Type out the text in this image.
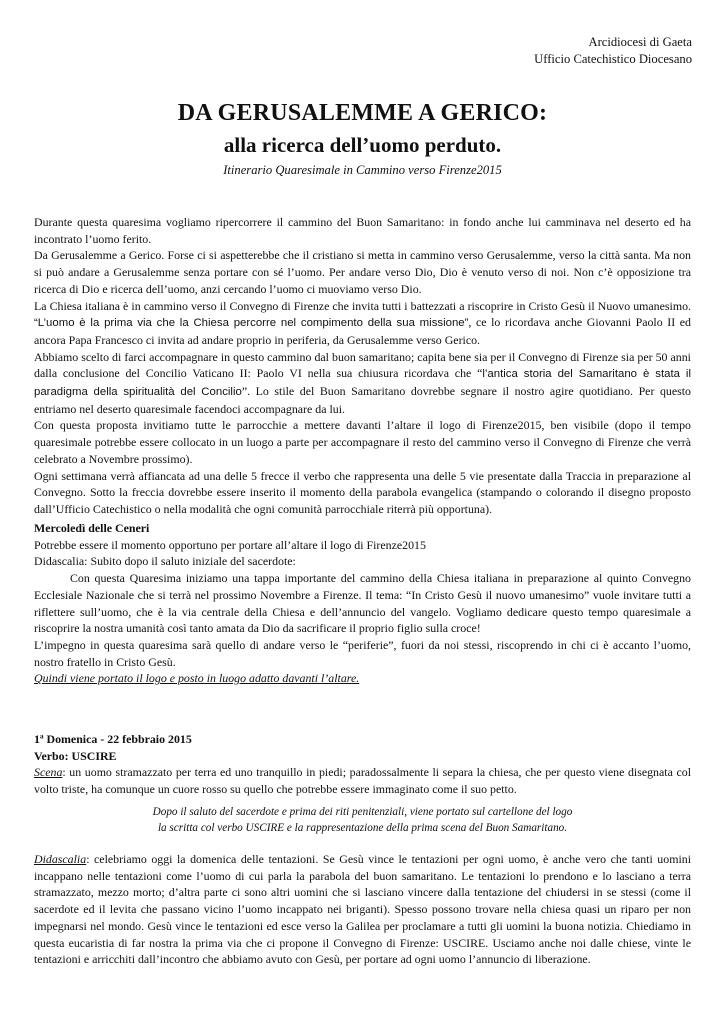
Arcidiocesi di Gaeta
Ufficio Catechistico Diocesano
DA GERUSALEMME A GERICO:
alla ricerca dell’uomo perduto.
Itinerario Quaresimale in Cammino verso Firenze2015

Durante questa quaresima vogliamo ripercorrere il cammino del Buon Samaritano: in fondo anche lui camminava nel deserto ed ha incontrato l’uomo ferito.

Da Gerusalemme a Gerico. Forse ci si aspetterebbe che il cristiano si metta in cammino verso Gerusalemme, verso la città santa. Ma non si può andare a Gerusalemme senza portare con sé l’uomo. Per andare verso Dio, Dio è venuto verso di noi. Non c’è opposizione tra ricerca di Dio e ricerca dell’uomo, anzi cercando l’uomo ci muoviamo verso Dio.

La Chiesa italiana è in cammino verso il Convegno di Firenze che invita tutti i battezzati a riscoprire in Cristo Gesù il Nuovo umanesimo. “L’uomo è la prima via che la Chiesa percorre nel compimento della sua missione”, ce lo ricordava anche Giovanni Paolo II ed ancora Papa Francesco ci invita ad andare proprio in periferia, da Gerusalemme verso Gerico.

Abbiamo scelto di farci accompagnare in questo cammino dal buon samaritano; capita bene sia per il Convegno di Firenze sia per 50 anni dalla conclusione del Concilio Vaticano II: Paolo VI nella sua chiusura ricordava che “l’antica storia del Samaritano è stata il paradigma della spiritualità del Concilio”. Lo stile del Buon Samaritano dovrebbe segnare il nostro agire quotidiano. Per questo entriamo nel deserto quaresimale facendoci accompagnare da lui.

Con questa proposta invitiamo tutte le parrocchie a mettere davanti l’altare il logo di Firenze2015, ben visibile (dopo il tempo quaresimale potrebbe essere collocato in un luogo a parte per accompagnare il resto del cammino verso il Convegno di Firenze che verrà celebrato a Novembre prossimo).

Ogni settimana verrà affiancata ad una delle 5 frecce il verbo che rappresenta una delle 5 vie presentate dalla Traccia in preparazione al Convegno. Sotto la freccia dovrebbe essere inserito il momento della parabola evangelica (stampando o colorando il disegno proposto dall’Ufficio Catechistico o nella modalità che ogni comunità parrocchiale riterrà più opportuna).

Mercoledì delle Ceneri

Potrebbe essere il momento opportuno per portare all’altare il logo di Firenze2015

Didascalia: Subito dopo il saluto iniziale del sacerdote:

Con questa Quaresima iniziamo una tappa importante del cammino della Chiesa italiana in preparazione al quinto Convegno Ecclesiale Nazionale che si terrà nel prossimo Novembre a Firenze. Il tema: “In Cristo Gesù il nuovo umanesimo” vuole invitare tutti a riflettere sull’uomo, che è la via centrale della Chiesa e dell’annuncio del vangelo. Vogliamo dedicare questo tempo quaresimale a riscoprire la nostra umanità così tanto amata da Dio da sacrificare il proprio figlio sulla croce!

L’impegno in questa quaresima sarà quello di andare verso le “periferie”, fuori da noi stessi, riscoprendo in chi ci è accanto l’uomo, nostro fratello in Cristo Gesù.

Quindi viene portato il logo e posto in luogo adatto davanti l’altare.

1ª Domenica - 22 febbraio 2015

Verbo: USCIRE

Scena: un uomo stramazzato per terra ed uno tranquillo in piedi; paradossalmente li separa la chiesa, che per questo viene disegnata col volto triste, ha comunque un cuore rosso su quello che potrebbe essere immaginato come il suo petto.

Dopo il saluto del sacerdote e prima dei riti penitenziali, viene portato sul cartellone del logo

la scritta col verbo USCIRE e la rappresentazione della prima scena del Buon Samaritano.

Didascalia: celebriamo oggi la domenica delle tentazioni. Se Gesù vince le tentazioni per ogni uomo, è anche vero che tanti uomini incappano nelle tentazioni come l’uomo di cui parla la parabola del buon samaritano. Le tentazioni lo prendono e lo lasciano a terra stramazzato, mezzo morto; d’altra parte ci sono altri uomini che si lasciano vincere dalla tentazione del chiudersi in se stessi (come il sacerdote ed il levita che passano vicino l’uomo incappato nei briganti). Spesso possono trovare nella chiesa quasi un riparo per non impegnarsi nel mondo. Gesù vince le tentazioni ed esce verso la Galilea per proclamare a tutti gli uomini la buona notizia. Chiediamo in questa eucaristia di far nostra la prima via che ci propone il Convegno di Firenze: USCIRE. Usciamo anche noi dalle chiese, vinte le tentazioni e arricchiti dall’incontro che abbiamo avuto con Gesù, per portare ad ogni uomo l’annuncio di liberazione.
